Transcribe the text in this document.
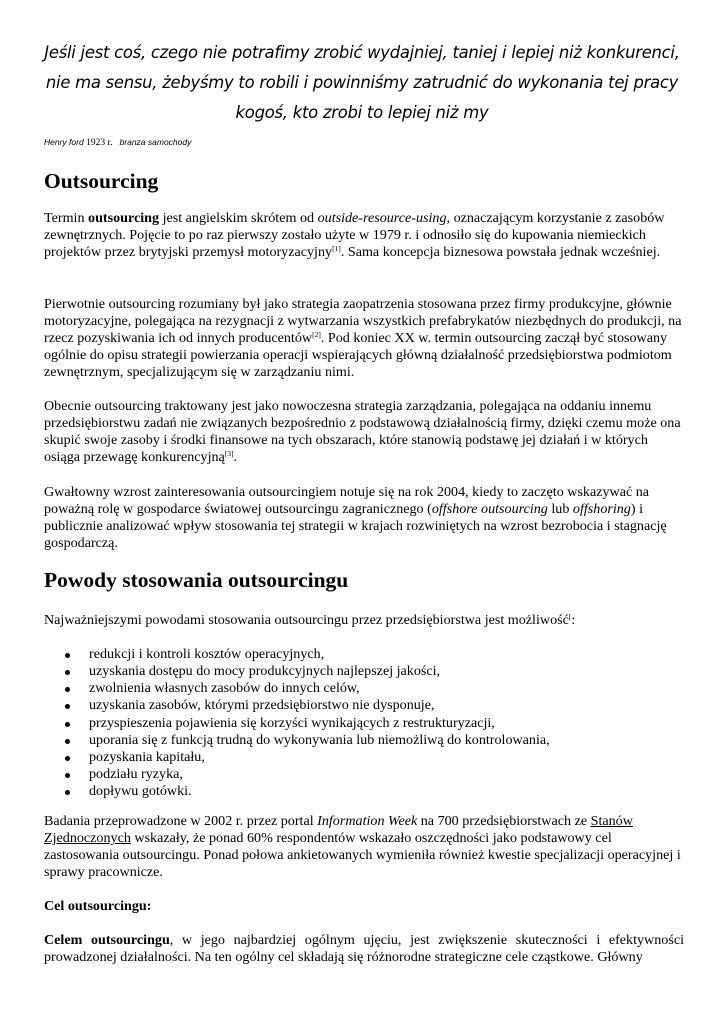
Jeśli jest coś, czego nie potrafimy zrobić wydajniej, taniej i lepiej niż konkurenci,
nie ma sensu, żebyśmy to robili i powinniśmy zatrudnić do wykonania tej pracy
kogoś, kto zrobi to lepiej niż my
Henry ford 1923 r. branza samochody
Outsourcing

Termin outsourcing jest angielskim skrótem od outside-resource-using, oznaczającym korzystanie z zasobów zewnętrznych. Pojęcie to po raz pierwszy zostało użyte w 1979 r. i odnosiło się do kupowania niemieckich projektów przez brytyjski przemysł motoryzacyjny[1]. Sama koncepcja biznesowa powstała jednak wcześniej.

Pierwotnie outsourcing rozumiany był jako strategia zaopatrzenia stosowana przez firmy produkcyjne, głównie motoryzacyjne, polegająca na rezygnacji z wytwarzania wszystkich prefabrykatów niezbędnych do produkcji, na rzecz pozyskiwania ich od innych producentów[2]. Pod koniec XX w. termin outsourcing zaczął być stosowany ogólnie do opisu strategii powierzania operacji wspierających główną działalność przedsiębiorstwa podmiotom zewnętrznym, specjalizującym się w zarządzaniu nimi.

Obecnie outsourcing traktowany jest jako nowoczesna strategia zarządzania, polegająca na oddaniu innemu przedsiębiorstwu zadań nie związanych bezpośrednio z podstawową działalnością firmy, dzięki czemu może ona skupić swoje zasoby i środki finansowe na tych obszarach, które stanowią podstawę jej działań i w których osiąga przewagę konkurencyjną[3].

Gwałtowny wzrost zainteresowania outsourcingiem notuje się na rok 2004, kiedy to zaczęto wskazywać na poważną rolę w gospodarce światowej outsourcingu zagranicznego (offshore outsourcing lub offshoring) i publicznie analizować wpływ stosowania tej strategii w krajach rozwiniętych na wzrost bezrobocia i stagnację gospodarczą.

Powody stosowania outsourcingu

Najważniejszymi powodami stosowania outsourcingu przez przedsiębiorstwa jest możliwość[:

redukcji i kontroli kosztów operacyjnych,
uzyskania dostępu do mocy produkcyjnych najlepszej jakości,
zwolnienia własnych zasobów do innych celów,
uzyskania zasobów, którymi przedsiębiorstwo nie dysponuje,
przyspieszenia pojawienia się korzyści wynikających z restrukturyzacji,
uporania się z funkcją trudną do wykonywania lub niemożliwą do kontrolowania,
pozyskania kapitału,
podziału ryzyka,
dopływu gotówki.

Badania przeprowadzone w 2002 r. przez portal Information Week na 700 przedsiębiorstwach ze Stanów Zjednoczonych wskazały, że ponad 60% respondentów wskazało oszczędności jako podstawowy cel zastosowania outsourcingu. Ponad połowa ankietowanych wymieniła również kwestie specjalizacji operacyjnej i sprawy pracownicze.

Cel outsourcingu:

Celem outsourcingu, w jego najbardziej ogólnym ujęciu, jest zwiększenie skuteczności i efektywności prowadzonej działalności. Na ten ogólny cel składają się różnorodne strategiczne cele cząstkowe. Główny
